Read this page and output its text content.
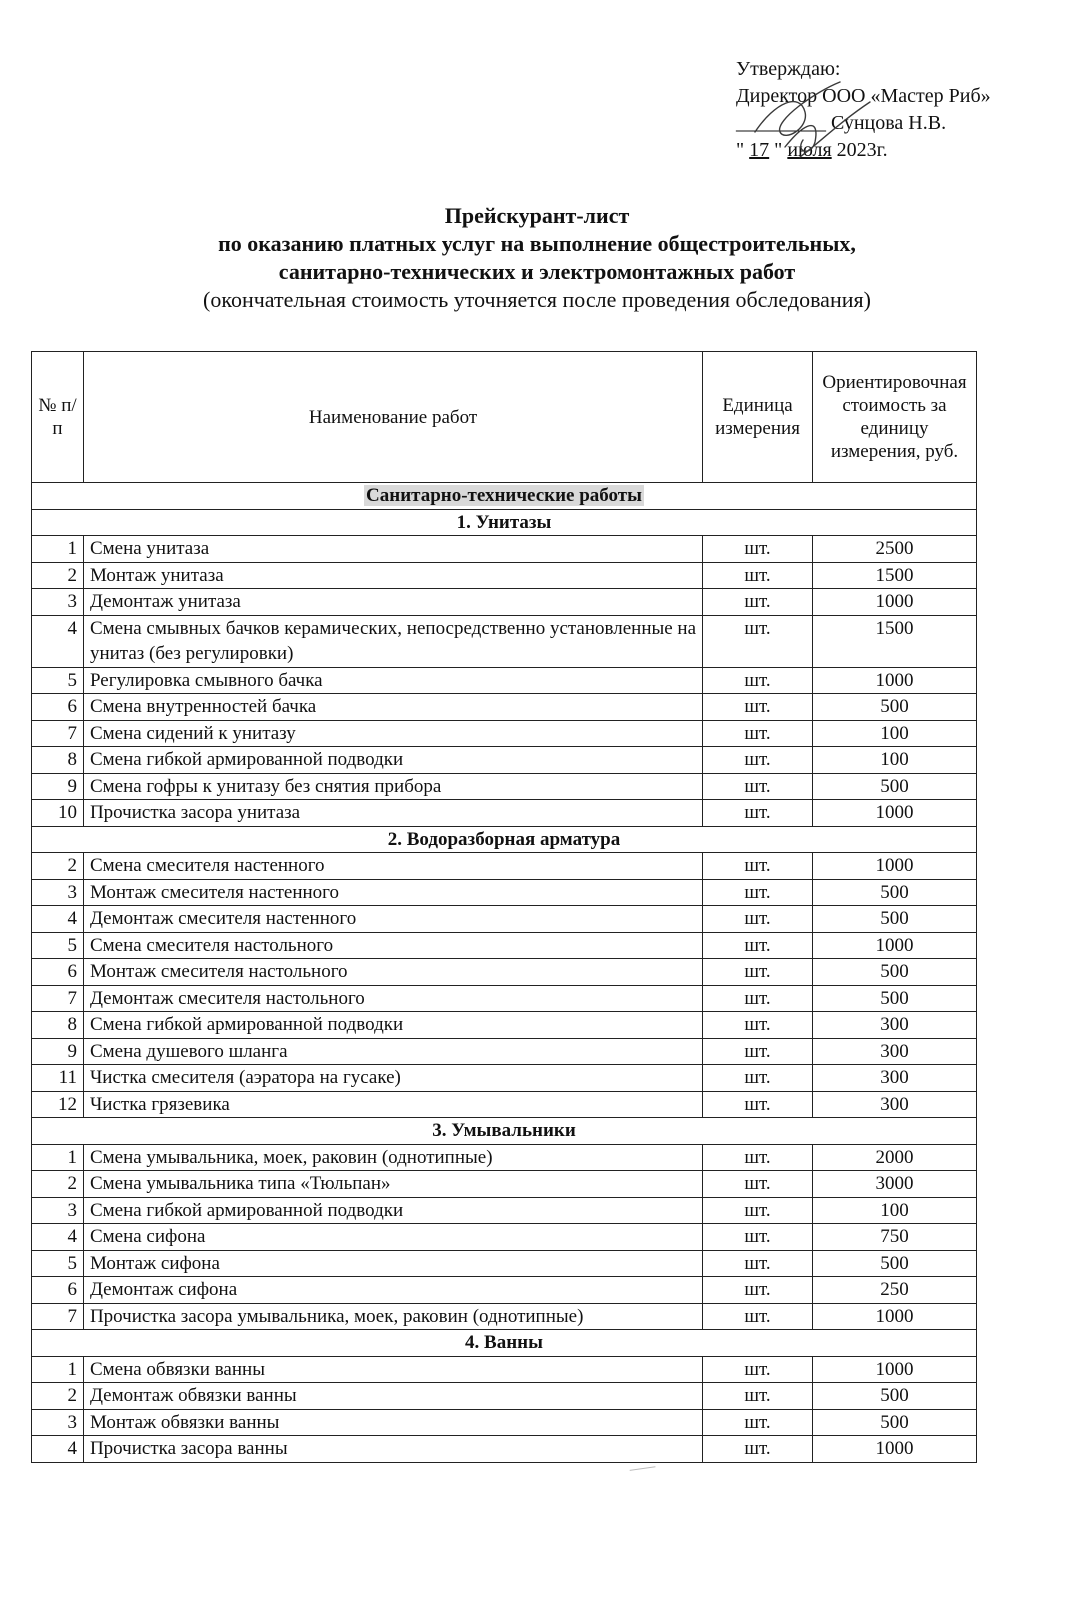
Утверждаю:
Директор ООО «Мастер Риб»
_________ Сунцова Н.В.
" 17 " июля 2023г.
Прейскурант-лист
по оказанию платных услуг на выполнение общестроительных,
санитарно-технических и электромонтажных работ
(окончательная стоимость уточняется после проведения обследования)
№ п/п	Наименование работ	Единица измерения	Ориентировочная стоимость за единицу измерения, руб.
Санитарно-технические работы			
1. Унитазы			
1	Смена унитаза	шт.	2500
2	Монтаж унитаза	шт.	1500
3	Демонтаж унитаза	шт.	1000
4	Смена смывных бачков керамических, непосредственно установленные на унитаз (без регулировки)	шт.	1500
5	Регулировка смывного бачка	шт.	1000
6	Смена внутренностей бачка	шт.	500
7	Смена сидений к унитазу	шт.	100
8	Смена гибкой армированной подводки	шт.	100
9	Смена гофры к унитазу без снятия прибора	шт.	500
10	Прочистка засора унитаза	шт.	1000
2. Водоразборная арматура			
2	Смена смесителя настенного	шт.	1000
3	Монтаж смесителя настенного	шт.	500
4	Демонтаж смесителя настенного	шт.	500
5	Смена смесителя настольного	шт.	1000
6	Монтаж смесителя настольного	шт.	500
7	Демонтаж смесителя настольного	шт.	500
8	Смена гибкой армированной подводки	шт.	300
9	Смена душевого шланга	шт.	300
11	Чистка смесителя (аэратора на гусаке)	шт.	300
12	Чистка грязевика	шт.	300
3. Умывальники			
1	Смена умывальника, моек, раковин (однотипные)	шт.	2000
2	Смена умывальника типа «Тюльпан»	шт.	3000
3	Смена гибкой армированной подводки	шт.	100
4	Смена сифона	шт.	750
5	Монтаж сифона	шт.	500
6	Демонтаж сифона	шт.	250
7	Прочистка засора умывальника, моек, раковин (однотипные)	шт.	1000
4. Ванны			
1	Смена обвязки ванны	шт.	1000
2	Демонтаж обвязки ванны	шт.	500
3	Монтаж обвязки ванны	шт.	500
4	Прочистка засора ванны	шт.	1000
